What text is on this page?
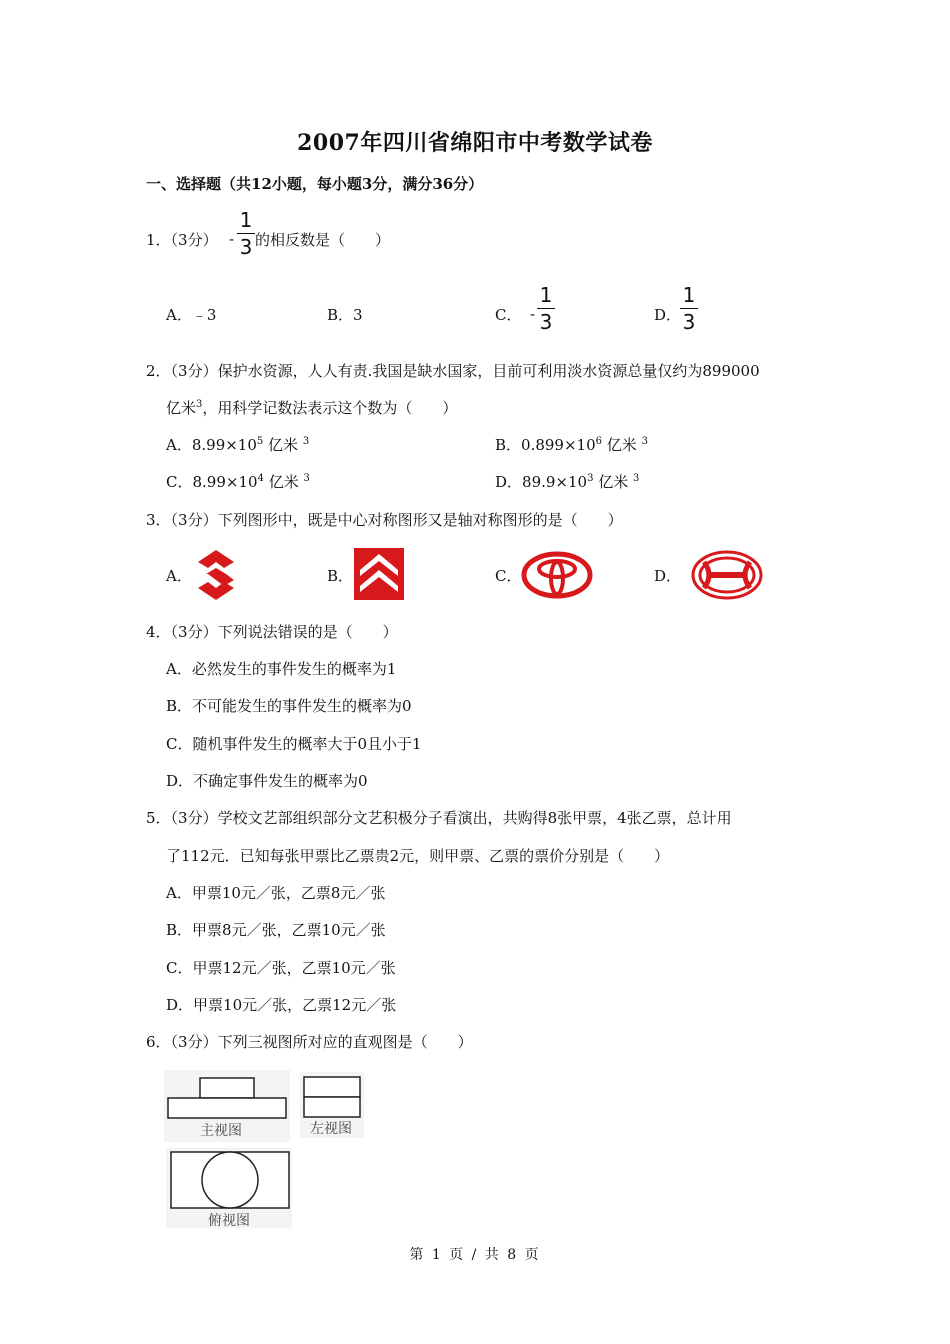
2007年四川省绵阳市中考数学试卷
一、选择题（共12小题，每小题3分，满分36分）
1．（3分） -
1
3 的相反数是（　　）
A．﹣3	B．3	C． -
1
3	D．
1
3
2．（3分）保护水资源，人人有责.我国是缺水国家，目前可利用淡水资源总量仅约为899000
亿米$^3$，用科学记数法表示这个数为（　　）
A．$8.99\times 10^5$ 亿米 $^3$	B．$0.899\times 10^6$ 亿米 $^3$
C．$8.99\times 10^4$ 亿米 $^3$	D．$89.9\times 10^3$ 亿米 $^3$
3．（3分）下列图形中，既是中心对称图形又是轴对称图形的是（　　）
A．	B．	C．	D．
4．（3分）下列说法错误的是（　　）
A．必然发生的事件发生的概率为1
B．不可能发生的事件发生的概率为0
C．随机事件发生的概率大于0且小于1
D．不确定事件发生的概率为0
5．（3分）学校文艺部组织部分文艺积极分子看演出，共购得8张甲票，4张乙票，总计用
了112元．已知每张甲票比乙票贵2元，则甲票、乙票的票价分别是（　　）
A．甲票10元／张，乙票8元／张
B．甲票8元／张，乙票10元／张
C．甲票12元／张，乙票10元／张
D．甲票10元／张，乙票12元／张
6．（3分）下列三视图所对应的直观图是（　　）
主视图	左视图
俯视图
第 1 页 / 共 8 页
